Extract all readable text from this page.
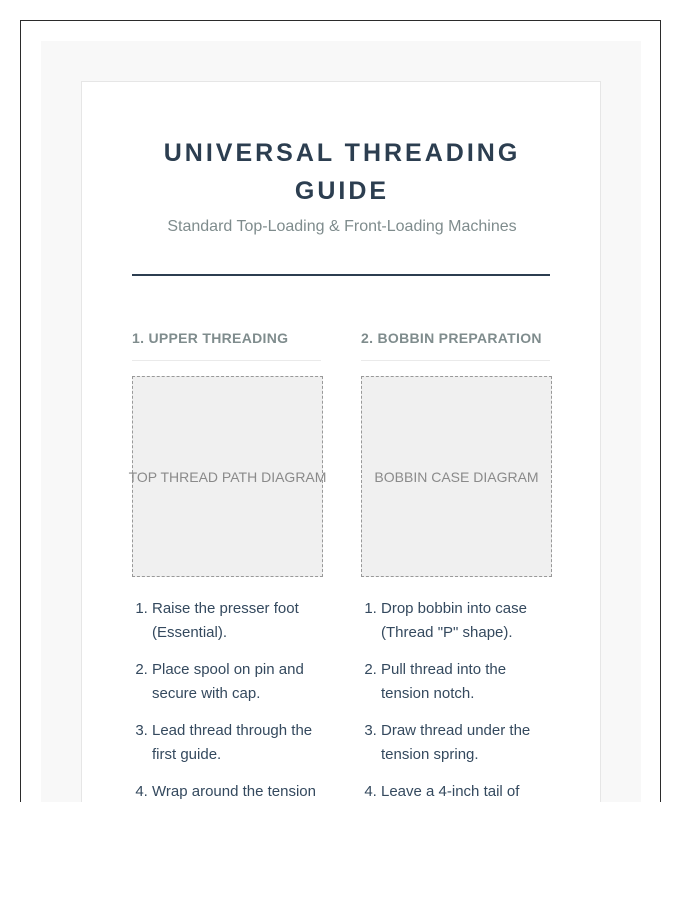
UNIVERSAL THREADING GUIDE

Standard Top-Loading & Front-Loading Machines

1. UPPER THREADING
TOP THREAD PATH DIAGRAM
1. Raise the presser foot (Essential).
2. Place spool on pin and secure with cap.
3. Lead thread through the first guide.
4. Wrap around the tension
2. BOBBIN PREPARATION
BOBBIN CASE DIAGRAM
1. Drop bobbin into case (Thread "P" shape).
2. Pull thread into the tension notch.
3. Draw thread under the tension spring.
4. Leave a 4-inch tail of
